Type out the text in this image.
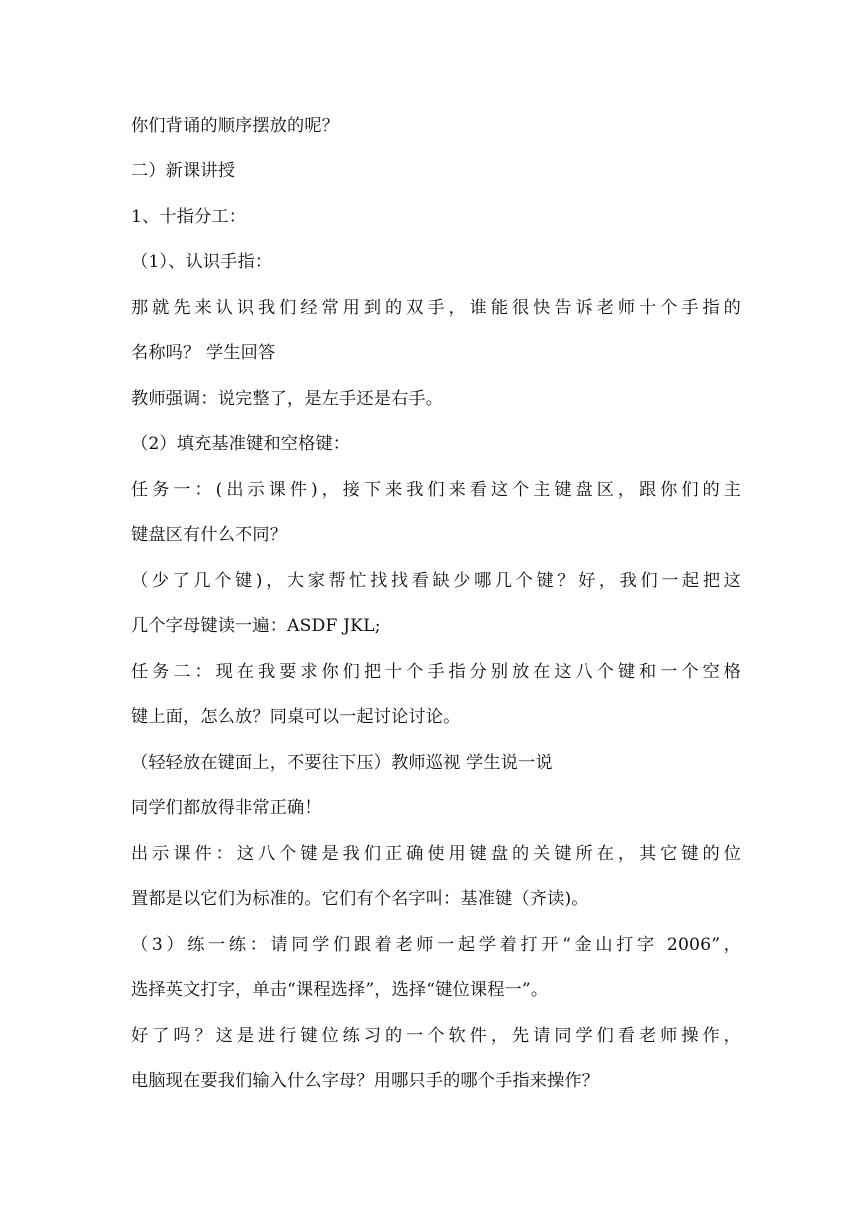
你们背诵的顺序摆放的呢？
二）新课讲授
1、十指分工：
（1）、认识手指：
那就先来认识我们经常用到的双手，谁能很快告诉老师十个手指的
名称吗？ 学生回答
教师强调：说完整了，是左手还是右手。
（2）填充基准键和空格键：
任务一：(出示课件)，接下来我们来看这个主键盘区，跟你们的主
键盘区有什么不同？
（少了几个键)，大家帮忙找找看缺少哪几个键？好，我们一起把这
几个字母键读一遍：ASDF JKL;
任务二：现在我要求你们把十个手指分别放在这八个键和一个空格
键上面，怎么放？同桌可以一起讨论讨论。
（轻轻放在键面上，不要往下压）教师巡视 学生说一说
同学们都放得非常正确！
出示课件：这八个键是我们正确使用键盘的关键所在，其它键的位
置都是以它们为标准的。它们有个名字叫：基准键（齐读)。
（3）练一练：请同学们跟着老师一起学着打开“金山打字 2006”，
选择英文打字，单击“课程选择”，选择“键位课程一”。
好了吗？这是进行键位练习的一个软件，先请同学们看老师操作，
电脑现在要我们输入什么字母？用哪只手的哪个手指来操作？
